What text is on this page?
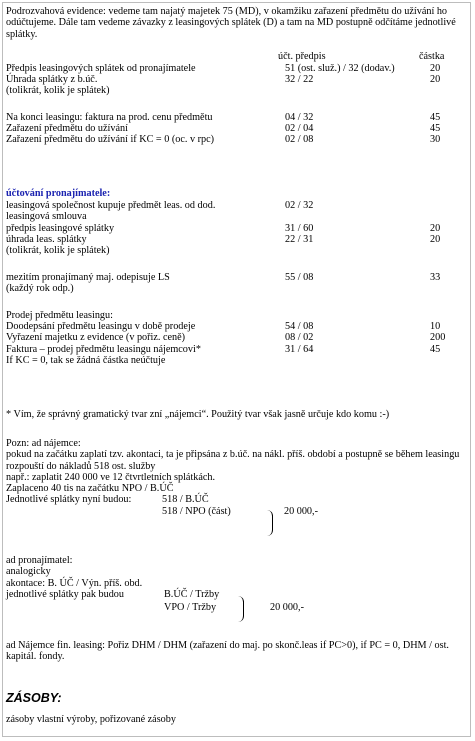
Podrozvahová evidence: vedeme tam najatý majetek 75 (MD), v okamžiku zařazení předmětu do užívání ho odúčtujeme. Dále tam vedeme závazky z leasingových splátek (D) a tam na MD postupně odčítáme jednotlivé splátky.
účt. předpis	částka
Předpis leasingových splátek od pronajímatele	51 (ost. služ.) / 32 (dodav.)	20
Úhrada splátky z b.úč.	32 / 22	20
(tolikrát, kolik je splátek)
Na konci leasingu: faktura na prod. cenu předmětu	04 / 32	45
Zařazení předmětu do užívání	02 / 04	45
Zařazení předmětu do užívání if KC = 0 (oc. v rpc)	02 / 08	30
účtování pronajímatele:
leasingová společnost kupuje předmět leas. od dod.	02 / 32
leasingová smlouva
předpis leasingové splátky	31 / 60	20
úhrada leas. splátky	22 / 31	20
(tolikrát, kolik je splátek)
mezitím pronajímaný maj. odepisuje LS	55 / 08	33
(každý rok odp.)
Prodej předmětu leasingu:
Doodepsání předmětu leasingu v době prodeje	54 / 08	10
Vyřazení majetku z evidence (v pořiz. ceně)	08 / 02	200
Faktura – prodej předmětu leasingu nájemcovi*	31 / 64	45
If KC = 0, tak se žádná částka neúčtuje
* Vím, že správný gramatický tvar zní „nájemci“. Použitý tvar však jasně určuje kdo komu :-)
Pozn: ad nájemce:
pokud na začátku zaplatí tzv. akontaci, ta je připsána z b.úč. na nákl. příš. období a postupně se během leasingu rozpouští do nákladů 518 ost. služby
např.: zaplatit 240 000 ve 12 čtvrtletních splátkách.
Zaplaceno 40 tis na začátku NPO / B.ÚČ
Jednotlivé splátky nyní budou:	518 / B.ÚČ
518 / NPO (část)	20 000,-
ad pronajímatel:
analogicky
akontace: B. ÚČ / Výn. příš. obd.
jednotlivé splátky pak budou	B.ÚČ / Tržby
VPO / Tržby	20 000,-
ad Nájemce fin. leasing: Pořiz DHM / DHM (zařazení do maj. po skonč.leas if PC>0), if PC = 0, DHM / ost. kapitál. fondy.
ZÁSOBY:
zásoby vlastní výroby, pořizované zásoby
